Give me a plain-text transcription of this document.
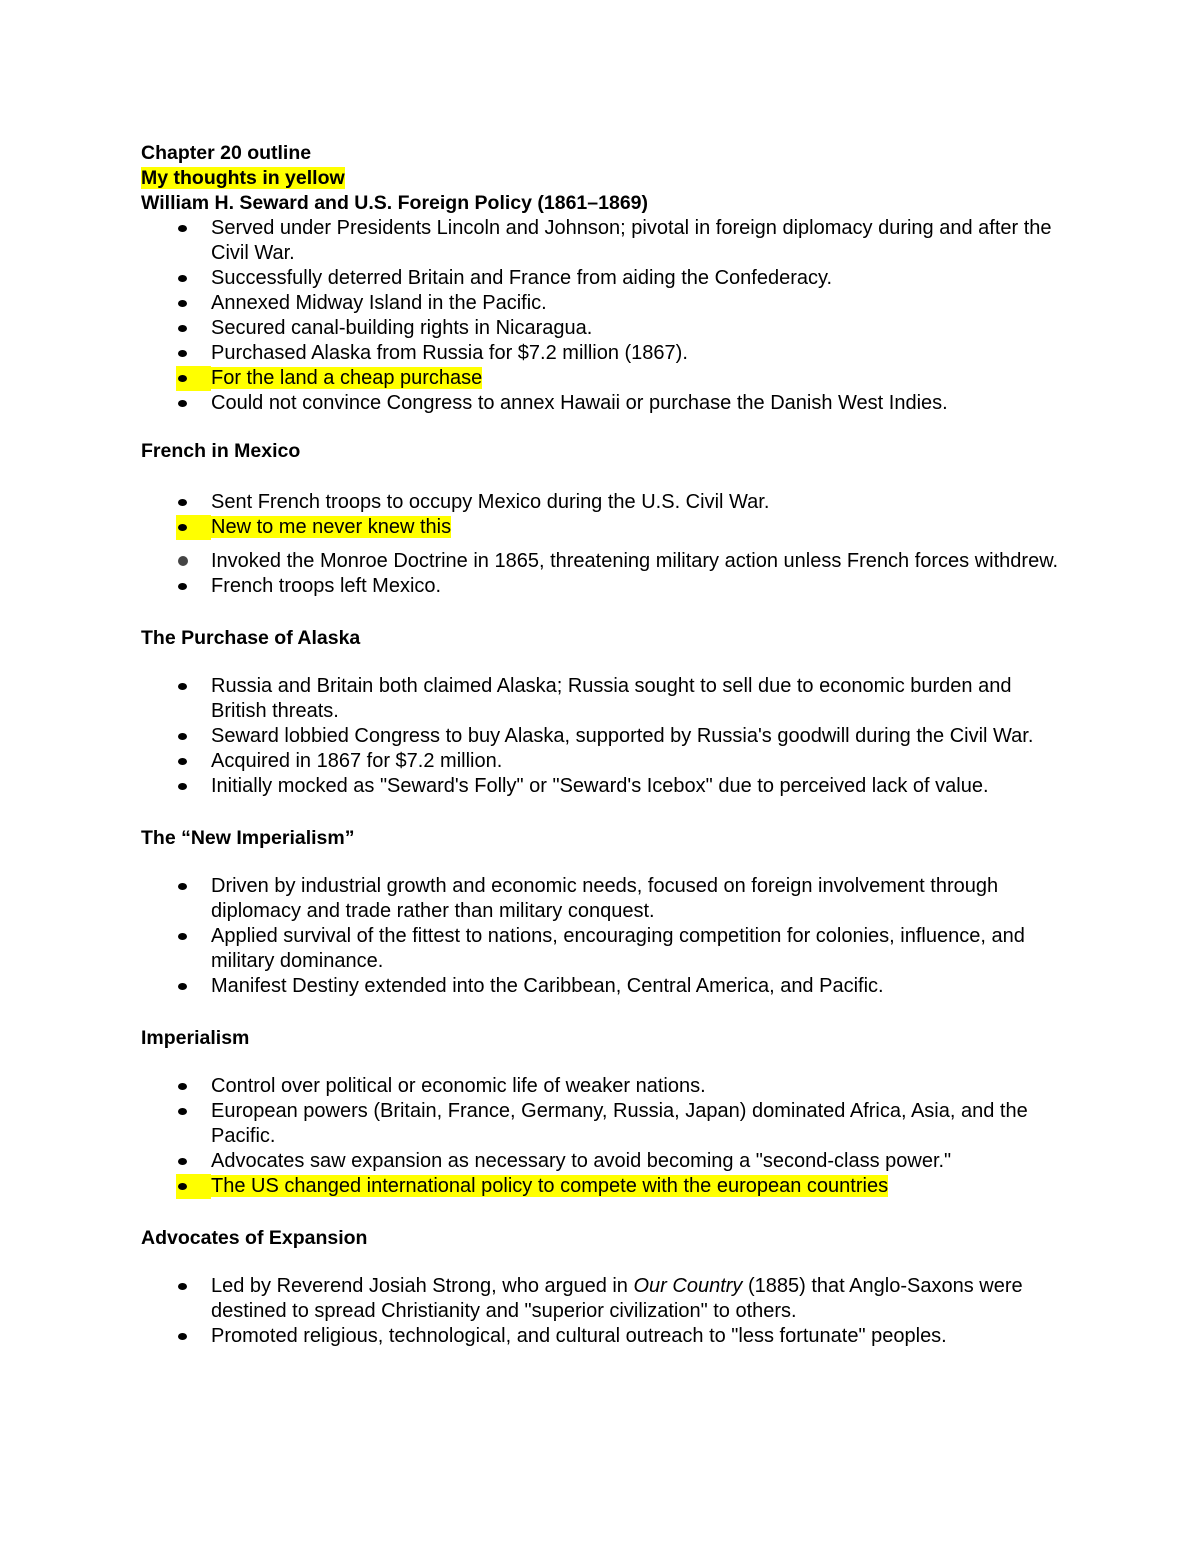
Chapter 20 outline

My thoughts in yellow

William H. Seward and U.S. Foreign Policy (1861–1869)

Served under Presidents Lincoln and Johnson; pivotal in foreign diplomacy during and after the Civil War.
Successfully deterred Britain and France from aiding the Confederacy.
Annexed Midway Island in the Pacific.
Secured canal-building rights in Nicaragua.
Purchased Alaska from Russia for $7.2 million (1867).
For the land a cheap purchase
Could not convince Congress to annex Hawaii or purchase the Danish West Indies.

French in Mexico

Sent French troops to occupy Mexico during the U.S. Civil War.
New to me never knew this
Invoked the Monroe Doctrine in 1865, threatening military action unless French forces withdrew.
French troops left Mexico.

The Purchase of Alaska

Russia and Britain both claimed Alaska; Russia sought to sell due to economic burden and British threats.
Seward lobbied Congress to buy Alaska, supported by Russia's goodwill during the Civil War.
Acquired in 1867 for $7.2 million.
Initially mocked as "Seward's Folly" or "Seward's Icebox" due to perceived lack of value.

The “New Imperialism”

Driven by industrial growth and economic needs, focused on foreign involvement through diplomacy and trade rather than military conquest.
Applied survival of the fittest to nations, encouraging competition for colonies, influence, and military dominance.
Manifest Destiny extended into the Caribbean, Central America, and Pacific.

Imperialism

Control over political or economic life of weaker nations.
European powers (Britain, France, Germany, Russia, Japan) dominated Africa, Asia, and the Pacific.
Advocates saw expansion as necessary to avoid becoming a "second-class power."
The US changed international policy to compete with the european countries

Advocates of Expansion

Led by Reverend Josiah Strong, who argued in Our Country (1885) that Anglo-Saxons were destined to spread Christianity and "superior civilization" to others.
Promoted religious, technological, and cultural outreach to "less fortunate" peoples.
